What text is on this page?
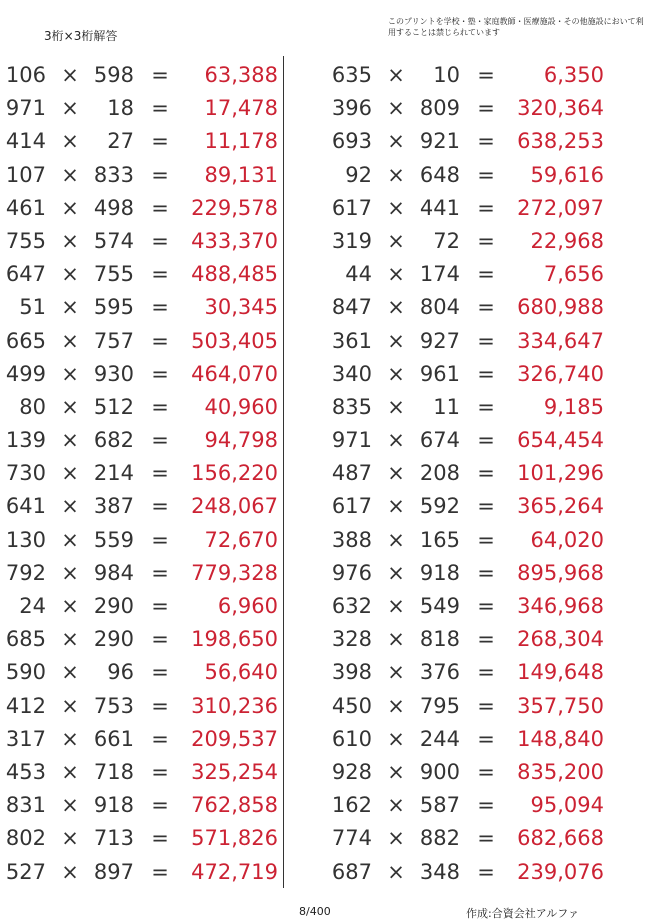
3桁×3桁解答
このプリントを学校・塾・家庭教師・医療施設・その他施設において利用することは禁じられています
106 × 598 =	63,388
971 ×	18 =	17,478
414 ×	27 =	11,178
107 × 833 =	89,131
461 × 498 =	229,578
755 × 574 =	433,370
647 × 755 =	488,485
51 × 595 =	30,345
665 × 757 =	503,405
499 × 930 =	464,070
80 × 512 =	40,960
139 × 682 =	94,798
730 × 214 =	156,220
641 × 387 =	248,067
130 × 559 =	72,670
792 × 984 =	779,328
24 × 290 =	6,960
685 × 290 =	198,650
590 ×	96 =	56,640
412 × 753 =	310,236
317 × 661 =	209,537
453 × 718 =	325,254
831 × 918 =	762,858
802 × 713 =	571,826
527 × 897 =	472,719
635 ×	10 =	6,350
396 × 809 =	320,364
693 × 921 =	638,253
92 × 648 =	59,616
617 × 441 =	272,097
319 ×	72 =	22,968
44 × 174 =	7,656
847 × 804 =	680,988
361 × 927 =	334,647
340 × 961 =	326,740
835 ×	11 =	9,185
971 × 674 =	654,454
487 × 208 =	101,296
617 × 592 =	365,264
388 × 165 =	64,020
976 × 918 =	895,968
632 × 549 =	346,968
328 × 818 =	268,304
398 × 376 =	149,648
450 × 795 =	357,750
610 × 244 =	148,840
928 × 900 =	835,200
162 × 587 =	95,094
774 × 882 =	682,668
687 × 348 =	239,076
8/400	作成:合資会社アルファ
